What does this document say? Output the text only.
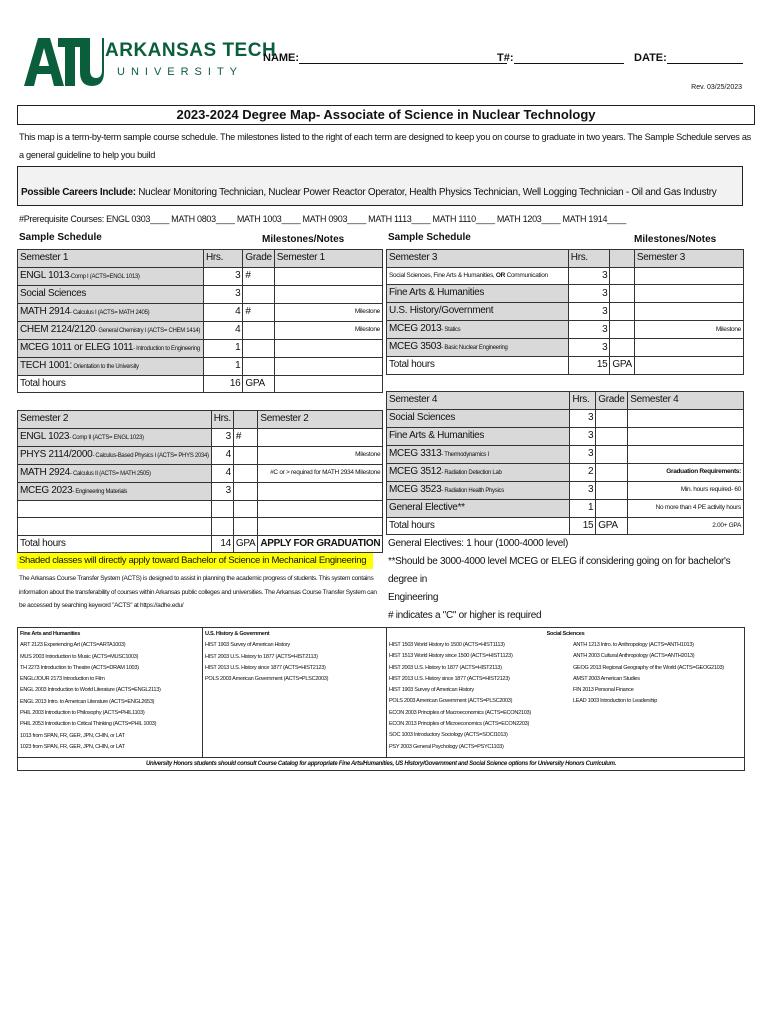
ARKANSAS TECH
UNIVERSITY
NAME:	T#:	DATE:
Rev. 03/25/2023
2023-2024 Degree Map- Associate of Science in Nuclear Technology
This map is a term-by-term sample course schedule. The milestones listed to the right of each term are designed to keep you on course to graduate in two years. The Sample Schedule serves as a general guideline to help you build
Possible Careers Include: Nuclear Monitoring Technician, Nuclear Power Reactor Operator, Health Physics Technician, Well Logging Technician - Oil and Gas Industry
#Prerequisite Courses: ENGL 0303____ MATH 0803____ MATH 1003____ MATH 0903____ MATH 1113____ MATH 1110____ MATH 1203____ MATH 1914____
Sample Schedule	Milestones/Notes	Sample Schedule	Milestones/Notes
Semester 1	Hrs.	Grade	Semester 1
ENGL 1013-Comp I (ACTS=ENGL 1013)	3	#	
Social Sciences	3		
MATH 2914- Calculus I (ACTS= MATH 2405)	4	#	Milestone
CHEM 2124/2120- General Chemistry I (ACTS= CHEM 1414)	4		Milestone
MCEG 1011 or ELEG 1011- Introduction to Engineering	1		
TECH 1001: Orientation to the University	1		
Total hours	16	GPA	
Semester 2	Hrs.		Semester 2
ENGL 1023- Comp II (ACTS= ENGL 1023)	3	#	
PHYS 2114/2000- Calculus-Based Physics I (ACTS= PHYS 2034)	4		Milestone
MATH 2924- Calculus II (ACTS= MATH 2505)	4		#C or > required for MATH 2934 Milestone
MCEG 2023- Engineering Materials	3		

Total hours	14	GPA	APPLY FOR GRADUATION
Semester 3	Hrs.		Semester 3
Social Sciences, Fine Arts & Humanities, OR Communication	3		
Fine Arts & Humanities	3		
U.S. History/Government	3		
MCEG 2013- Statics	3		Milestone
MCEG 3503- Basic Nuclear Engineering	3		
Total hours	15	GPA	
Semester 4	Hrs.	Grade	Semester 4
Social Sciences	3		
Fine Arts & Humanities	3		
MCEG 3313- Thermodynamics I	3		
MCEG 3512- Radiation Detection Lab	2		Graduation Requirements:
MCEG 3523- Radiation Health Physics	3		Min. hours required- 60
General Elective**	1		No more than 4 PE activity hours
Total hours	15	GPA	2.00+ GPA
Shaded classes will directly apply toward Bachelor of Science in Mechanical Engineering
The Arkansas Course Transfer System (ACTS) is designed to assist in planning the academic progress of students. This system contains information about the transferability of courses within Arkansas public colleges and universities. The Arkansas Course Transfer System can be accessed by searching keyword "ACTS" at https://adhe.edu/
General Electives: 1 hour (1000-4000 level)
**Should be 3000-4000 level MCEG or ELEG if considering going on for bachelor's degree in
Engineering
# indicates a "C" or higher is required
Fine Arts and Humanities
ART 2123 Experiencing Art (ACTS=ARTA1003)
MUS 2003 Introduction to Music (ACTS=MUSC1003)
TH 2273 Introduction to Theatre (ACTS=DRAM 1003)
ENGL/JOUR 2173 Introduction to Film
ENGL 2003 Introduction to World Literature (ACTS=ENGL2113)
ENGL 2013 Intro. to American Literature (ACTS=ENGL2653)
PHIL 2003 Introduction to Philosophy (ACTS=PHIL1103)
PHIL 2053 Introduction to Critical Thinking (ACTS=PHIL 1003)
1013 from SPAN, FR, GER, JPN, CHIN, or LAT
1023 from SPAN, FR, GER, JPN, CHIN, or LAT
U.S. History & Government
HIST 1903 Survey of American History
HIST 2003 U.S. History to 1877 (ACTS=HIST2113)
HIST 2013 U.S. History since 1877 (ACTS=HIST2123)
POLS 2003 American Government (ACTS=PLSC2003)
Social Sciences
HIST 1503 World History to 1500 (ACTS=HIST1113)
HIST 1513 World History since 1500 (ACTS=HIST1123)
HIST 2003 U.S. History to 1877 (ACTS=HIST2113)
HIST 2013 U.S. History since 1877 (ACTS=HIST2123)
HIST 1903 Survey of American History
POLS 2003 American Government (ACTS=PLSC2003)
ECON 2003 Principles of Macroeconomics (ACTS=ECON2103)
ECON 2013 Principles of Microeconomics (ACTS=ECON2203)
SOC 1003 Introductory Sociology (ACTS=SOCI1013)
PSY 2003 General Psychology (ACTS=PSYC1103)
ANTH 1213 Intro. to Anthropology (ACTS=ANTH1013)
ANTH 2003 Cultural Anthropology (ACTS=ANTH2013)
GEOG 2013 Regional Geography of the World (ACTS=GEOG2103)
AMST 2003 American Studies
FIN 2013 Personal Finance
LEAD 1003 Introduction to Leadership
University Honors students should consult Course Catalog for appropriate Fine Arts/Humanities, US History/Government and Social Science options for University Honors Curriculum.
